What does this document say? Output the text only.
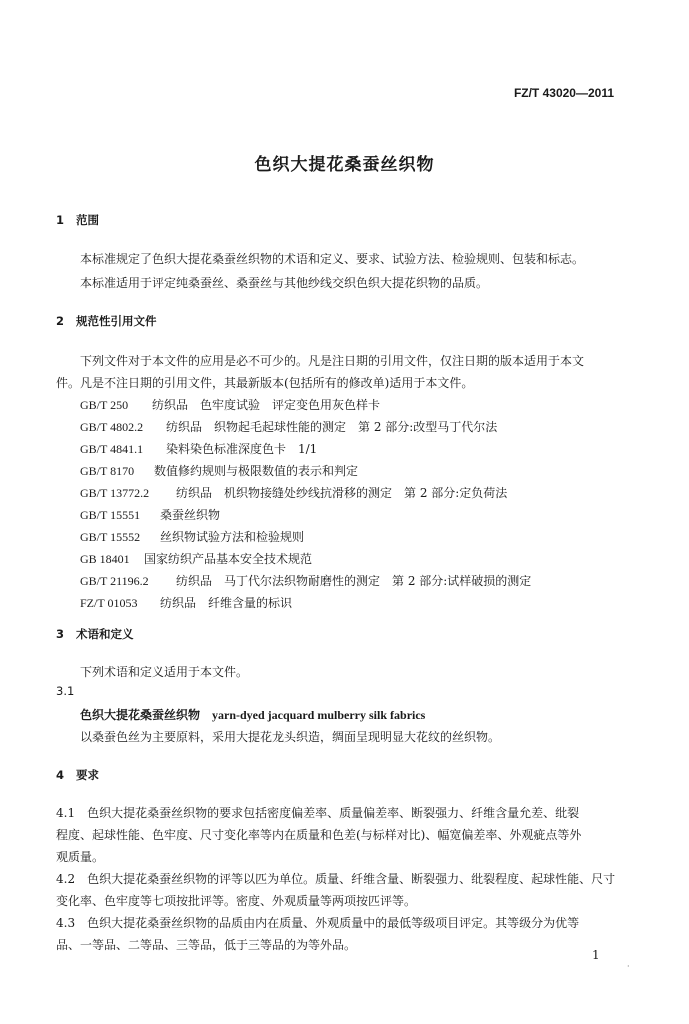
FZ/T 43020—2011
色织大提花桑蚕丝织物
1 范围
本标准规定了色织大提花桑蚕丝织物的术语和定义、要求、试验方法、检验规则、包装和标志。
本标准适用于评定纯桑蚕丝、桑蚕丝与其他纱线交织色织大提花织物的品质。
2 规范性引用文件
下列文件对于本文件的应用是必不可少的。凡是注日期的引用文件，仅注日期的版本适用于本文
件。凡是不注日期的引用文件，其最新版本(包括所有的修改单)适用于本文件。
GB/T 250 纺织品　色牢度试验　评定变色用灰色样卡
GB/T 4802.2 纺织品　织物起毛起球性能的测定　第 2 部分:改型马丁代尔法
GB/T 4841.1 染料染色标准深度色卡　1/1
GB/T 8170 数值修约规则与极限数值的表示和判定
GB/T 13772.2 纺织品　机织物接缝处纱线抗滑移的测定　第 2 部分:定负荷法
GB/T 15551 桑蚕丝织物
GB/T 15552 丝织物试验方法和检验规则
GB 18401 国家纺织产品基本安全技术规范
GB/T 21196.2 纺织品　马丁代尔法织物耐磨性的测定　第 2 部分:试样破损的测定
FZ/T 01053 纺织品　纤维含量的标识
3 术语和定义
下列术语和定义适用于本文件。
3.1
色织大提花桑蚕丝织物 yarn-dyed jacquard mulberry silk fabrics
以桑蚕色丝为主要原料，采用大提花龙头织造，绸面呈现明显大花纹的丝织物。
4 要求
4.1　色织大提花桑蚕丝织物的要求包括密度偏差率、质量偏差率、断裂强力、纤维含量允差、纰裂
程度、起球性能、色牢度、尺寸变化率等内在质量和色差(与标样对比)、幅宽偏差率、外观疵点等外
观质量。
4.2　色织大提花桑蚕丝织物的评等以匹为单位。质量、纤维含量、断裂强力、纰裂程度、起球性能、尺寸
变化率、色牢度等七项按批评等。密度、外观质量等两项按匹评等。
4.3　色织大提花桑蚕丝织物的品质由内在质量、外观质量中的最低等级项目评定。其等级分为优等
品、一等品、二等品、三等品，低于三等品的为等外品。
1
·
